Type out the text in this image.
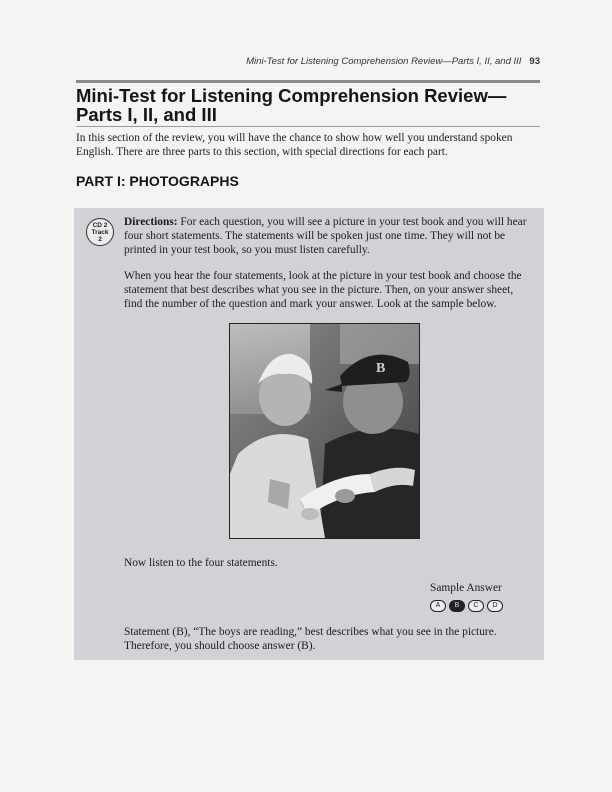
Mini-Test for Listening Comprehension Review—Parts I, II, and III 93
Mini-Test for Listening Comprehension Review—
Parts I, II, and III

In this section of the review, you will have the chance to show how well you understand spoken English. There are three parts to this section, with special directions for each part.

PART I: PHOTOGRAPHS
CD 2
Track
2

Directions: For each question, you will see a picture in your test book and you will hear four short statements. The statements will be spoken just one time. They will not be printed in your test book, so you must listen carefully.

When you hear the four statements, look at the picture in your test book and choose the statement that best describes what you see in the picture. Then, on your answer sheet, find the number of the question and mark your answer. Look at the sample below.

B

Now listen to the four statements.

Sample Answer

A	B	C	D

Statement (B), “The boys are reading,” best describes what you see in the picture. Therefore, you should choose answer (B).
